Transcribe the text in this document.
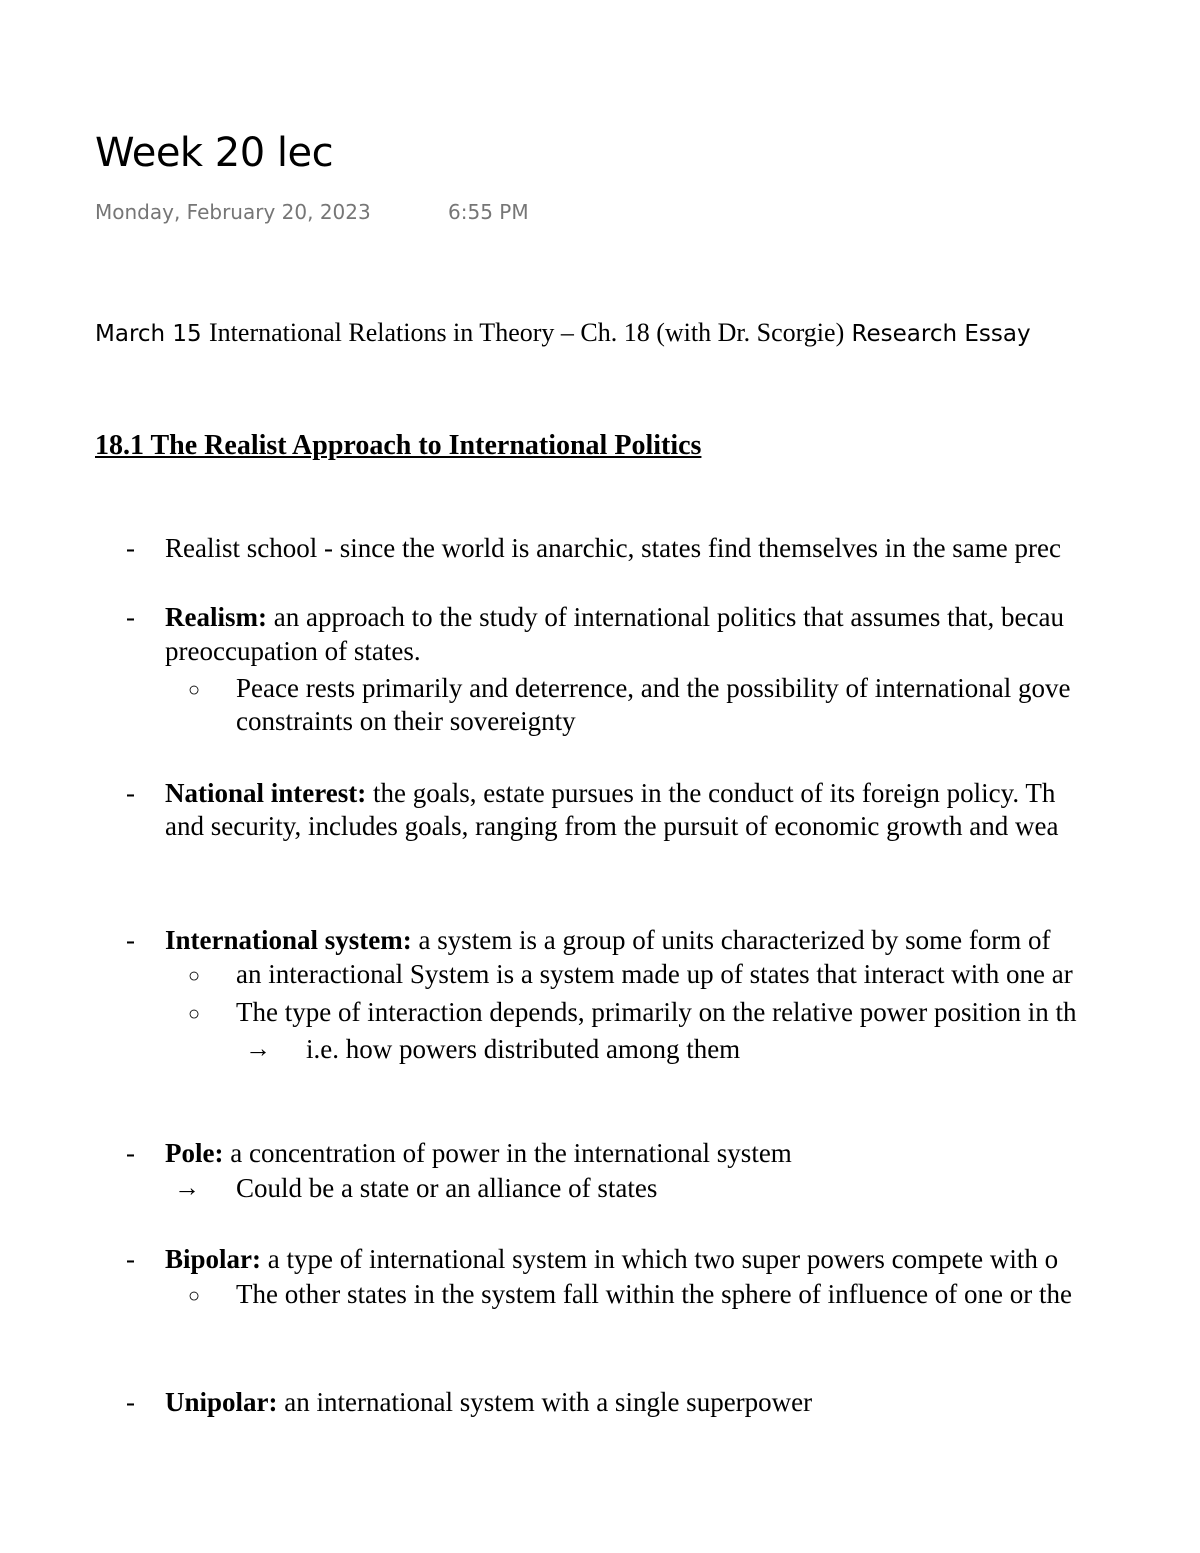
Week 20 lec
Monday, February 20, 2023	6:55 PM
March 15 International Relations in Theory – Ch. 18 (with Dr. Scorgie) Research Essay
18.1 The Realist Approach to International Politics
- Realist school - since the world is anarchic, states find themselves in the same prec
- Realism: an approach to the study of international politics that assumes that, becau
preoccupation of states.
○ Peace rests primarily and deterrence, and the possibility of international gove
constraints on their sovereignty
- National interest: the goals, estate pursues in the conduct of its foreign policy. Th
and security, includes goals, ranging from the pursuit of economic growth and wea
- International system: a system is a group of units characterized by some form of
○ an interactional System is a system made up of states that interact with one ar
○ The type of interaction depends, primarily on the relative power position in th
→ i.e. how powers distributed among them
- Pole: a concentration of power in the international system
→ Could be a state or an alliance of states
- Bipolar: a type of international system in which two super powers compete with o
○ The other states in the system fall within the sphere of influence of one or the
- Unipolar: an international system with a single superpower
